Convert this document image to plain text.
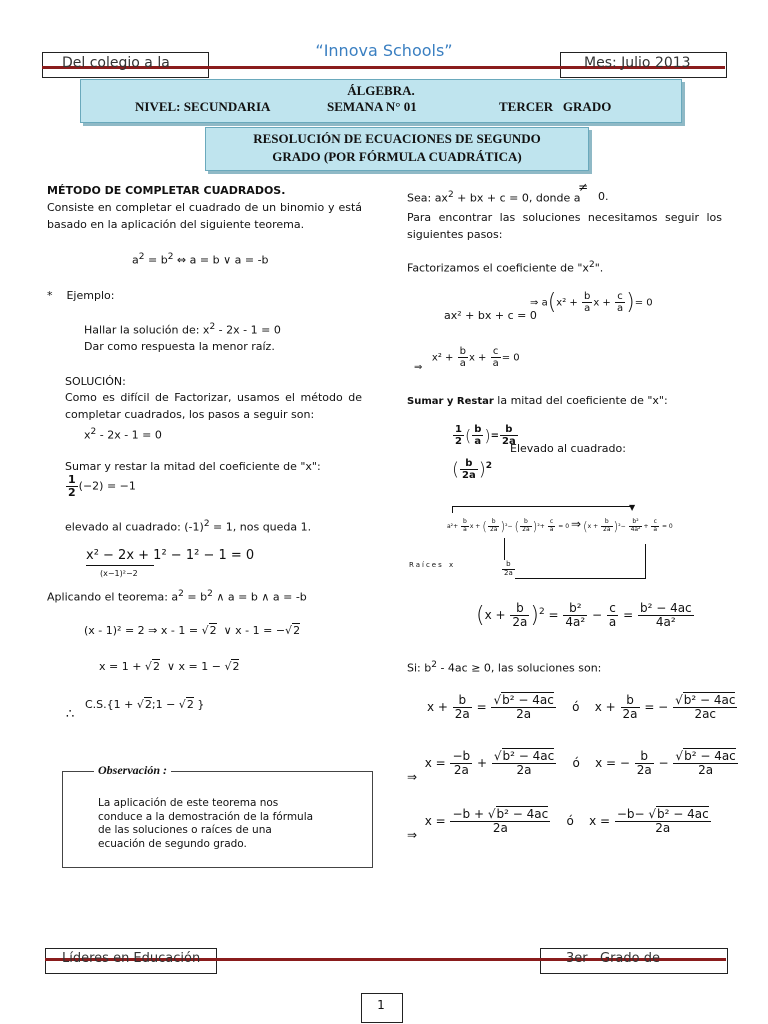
Del colegio a la	Mes: Julio 2013
“Innova Schools”
ÁLGEBRA.
NIVEL: SECUNDARIA	SEMANA N° 01	TERCER   GRADO
RESOLUCIÓN DE ECUACIONES DE SEGUNDO
GRADO (POR FÓRMULA CUADRÁTICA)
MÉTODO DE COMPLETAR CUADRADOS.
Consiste en completar el cuadrado de un binomio y está basado en la aplicación del siguiente teorema.
$a^2 = b^2$ ⇔ a = b ∨ a = -b
*    Ejemplo:
Hallar la solución de: $x^2 - 2x - 1 = 0$
Dar como respuesta la menor raíz.
SOLUCIÓN:
Como es difícil de Factorizar, usamos el método de completar cuadrados, los pasos a seguir son:
$x^2 - 2x - 1 = 0$
Sumar y restar la mitad del coeficiente de "x":
$\frac{1}{2} (-2) = -1$
elevado al cuadrado: $(-1)^2 = 1$, nos queda 1.
x² − 2x + 1² − 1² − 1 = 0
(x−1)²−2
Aplicando el teorema: $a^2 = b^2$ ∧ a = b ∧ a = -b
(x - 1)² = 2 ⇒ x - 1 = √2 ∨ x - 1 = −√2
x = 1 + √2 ∨ x = 1 − √2
∴
C.S.{1 + √2;1 − √2 }
Observación :
La aplicación de este teorema nos conduce a la demostración de la fórmula de las soluciones o raíces de una ecuación de segundo grado.
Sea: $ax^2$ + bx + c = 0, donde a
≠
0.
Para encontrar las soluciones necesitamos seguir los siguientes pasos:
Factorizamos el coeficiente de "$x^2$".
ax² + bx + c = 0
⇒ $a(x^2 + \frac{b}{a}$ $x + \frac{c}{a}$ )= 0
⇒   $x^2 + \frac{b}{a}$ $x + \frac{c}{a} = 0$
Sumar y Restar la mitad del coeficiente de "x":
$\frac{1}{2}$ ( $\frac{b}{a}$ )= $\frac{b}{2a}$
Elevado al cuadrado:
( $\frac{b}{2a} )^2$
▼
$a^2+ \frac{b}{a}$ x + ( $\frac{b}{2a} )^2-$ ( $\frac{b}{2a} )^2+ \frac{c}{a} = 0$ ⇒ $(x + \frac{b}{2a} )^2- \frac{\text{b²}}{\text{4a²}} + \frac{c}{a} = 0$
Raíces x	$\frac{b}{2a}$
$(x + \frac{b}{2a} )^2 = \frac{\text{b²}}{\text{4a²}} - \frac{c}{a} = \frac{\text{b² − 4ac}}{\text{4a²}}$
Si: $b^2 - 4ac \ge 0$, las soluciones son:
$x + \frac{b}{2a} = \frac{\text{√b² − 4ac}}{2a}$ ó    $x + \frac{b}{2a}$ = − $\frac{\text{√b² − 4ac}}{2ac}$
⇒  $x = \frac{-b}{2a} + \frac{\text{√b² − 4ac}}{2a}$ ó    x = − $\frac{b}{2a} - \frac{\text{√b² − 4ac}}{2a}$
⇒  $x = \frac{\text{−b + √b² − 4ac}}{2a}$ ó    $x = \frac{\text{−b− √b² − 4ac}}{2a}$
Líderes en Educación	3er   Grado de
1
